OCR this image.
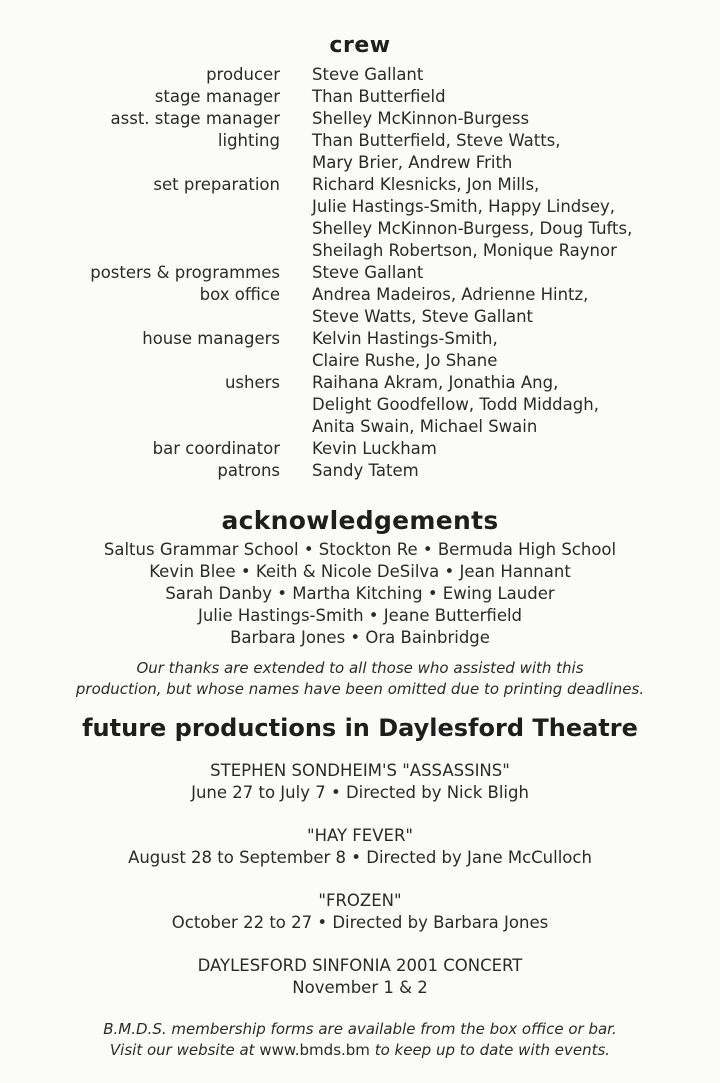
crew
producer	Steve Gallant
stage manager	Than Butterfield
asst. stage manager	Shelley McKinnon-Burgess
lighting	Than Butterfield, Steve Watts,
Mary Brier, Andrew Frith
set preparation	Richard Klesnicks, Jon Mills,
Julie Hastings-Smith, Happy Lindsey,
Shelley McKinnon-Burgess, Doug Tufts,
Sheilagh Robertson, Monique Raynor
posters & programmes	Steve Gallant
box office	Andrea Madeiros, Adrienne Hintz,
Steve Watts, Steve Gallant
house managers	Kelvin Hastings-Smith,
Claire Rushe, Jo Shane
ushers	Raihana Akram, Jonathia Ang,
Delight Goodfellow, Todd Middagh,
Anita Swain, Michael Swain
bar coordinator	Kevin Luckham
patrons	Sandy Tatem
acknowledgements
Saltus Grammar School • Stockton Re • Bermuda High School
Kevin Blee • Keith & Nicole DeSilva • Jean Hannant
Sarah Danby • Martha Kitching • Ewing Lauder
Julie Hastings-Smith • Jeane Butterfield
Barbara Jones • Ora Bainbridge
Our thanks are extended to all those who assisted with this
production, but whose names have been omitted due to printing deadlines.
future productions in Daylesford Theatre
STEPHEN SONDHEIM'S "ASSASSINS"
June 27 to July 7 • Directed by Nick Bligh
"HAY FEVER"
August 28 to September 8 • Directed by Jane McCulloch
"FROZEN"
October 22 to 27 • Directed by Barbara Jones
DAYLESFORD SINFONIA 2001 CONCERT
November 1 & 2
B.M.D.S. membership forms are available from the box office or bar.
Visit our website at www.bmds.bm to keep up to date with events.
